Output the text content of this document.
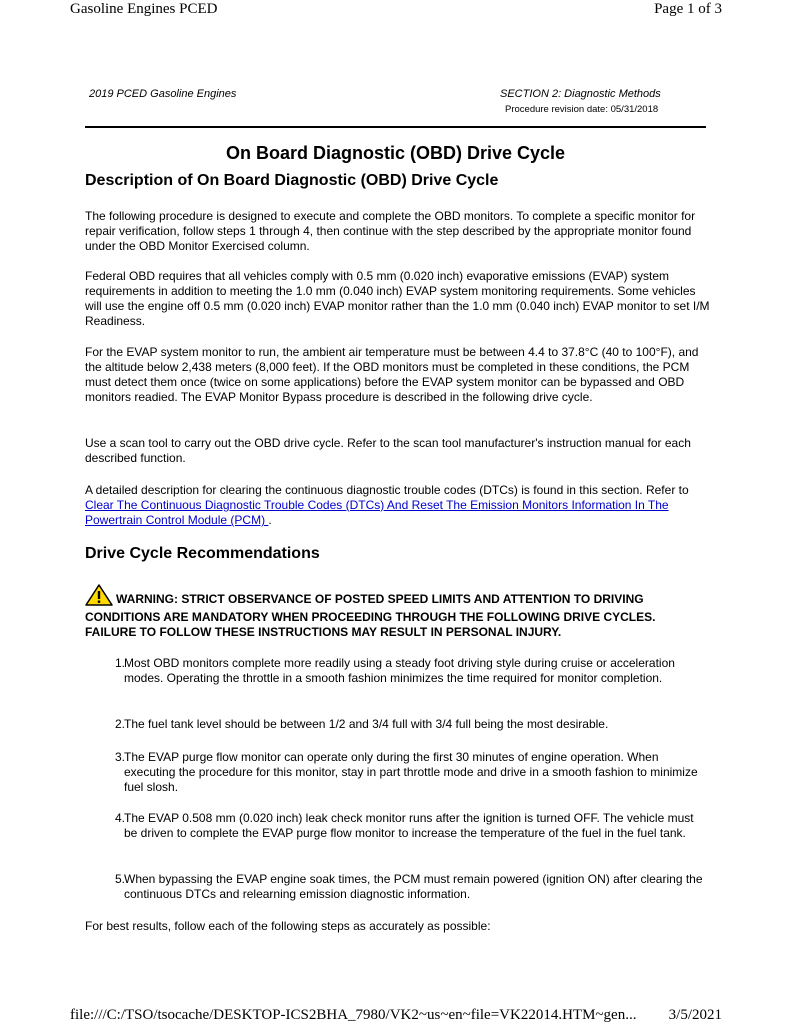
Gasoline Engines PCED	Page 1 of 3
2019 PCED Gasoline Engines	SECTION 2: Diagnostic Methods
Procedure revision date: 05/31/2018
On Board Diagnostic (OBD) Drive Cycle
Description of On Board Diagnostic (OBD) Drive Cycle
The following procedure is designed to execute and complete the OBD monitors. To complete a specific monitor for repair verification, follow steps 1 through 4, then continue with the step described by the appropriate monitor found under the OBD Monitor Exercised column.
Federal OBD requires that all vehicles comply with 0.5 mm (0.020 inch) evaporative emissions (EVAP) system requirements in addition to meeting the 1.0 mm (0.040 inch) EVAP system monitoring requirements. Some vehicles will use the engine off 0.5 mm (0.020 inch) EVAP monitor rather than the 1.0 mm (0.040 inch) EVAP monitor to set I/M Readiness.
For the EVAP system monitor to run, the ambient air temperature must be between 4.4 to 37.8°C (40 to 100°F), and the altitude below 2,438 meters (8,000 feet). If the OBD monitors must be completed in these conditions, the PCM must detect them once (twice on some applications) before the EVAP system monitor can be bypassed and OBD monitors readied. The EVAP Monitor Bypass procedure is described in the following drive cycle.
Use a scan tool to carry out the OBD drive cycle. Refer to the scan tool manufacturer's instruction manual for each described function.
A detailed description for clearing the continuous diagnostic trouble codes (DTCs) is found in this section. Refer to Clear The Continuous Diagnostic Trouble Codes (DTCs) And Reset The Emission Monitors Information In The Powertrain Control Module (PCM) .
Drive Cycle Recommendations
WARNING: STRICT OBSERVANCE OF POSTED SPEED LIMITS AND ATTENTION TO DRIVING CONDITIONS ARE MANDATORY WHEN PROCEEDING THROUGH THE FOLLOWING DRIVE CYCLES. FAILURE TO FOLLOW THESE INSTRUCTIONS MAY RESULT IN PERSONAL INJURY.
1. Most OBD monitors complete more readily using a steady foot driving style during cruise or acceleration modes. Operating the throttle in a smooth fashion minimizes the time required for monitor completion.
2. The fuel tank level should be between 1/2 and 3/4 full with 3/4 full being the most desirable.
3. The EVAP purge flow monitor can operate only during the first 30 minutes of engine operation. When executing the procedure for this monitor, stay in part throttle mode and drive in a smooth fashion to minimize fuel slosh.
4. The EVAP 0.508 mm (0.020 inch) leak check monitor runs after the ignition is turned OFF. The vehicle must be driven to complete the EVAP purge flow monitor to increase the temperature of the fuel in the fuel tank.
5. When bypassing the EVAP engine soak times, the PCM must remain powered (ignition ON) after clearing the continuous DTCs and relearning emission diagnostic information.
For best results, follow each of the following steps as accurately as possible:
file:///C:/TSO/tsocache/DESKTOP-ICS2BHA_7980/VK2~us~en~file=VK22014.HTM~gen... 3/5/2021
